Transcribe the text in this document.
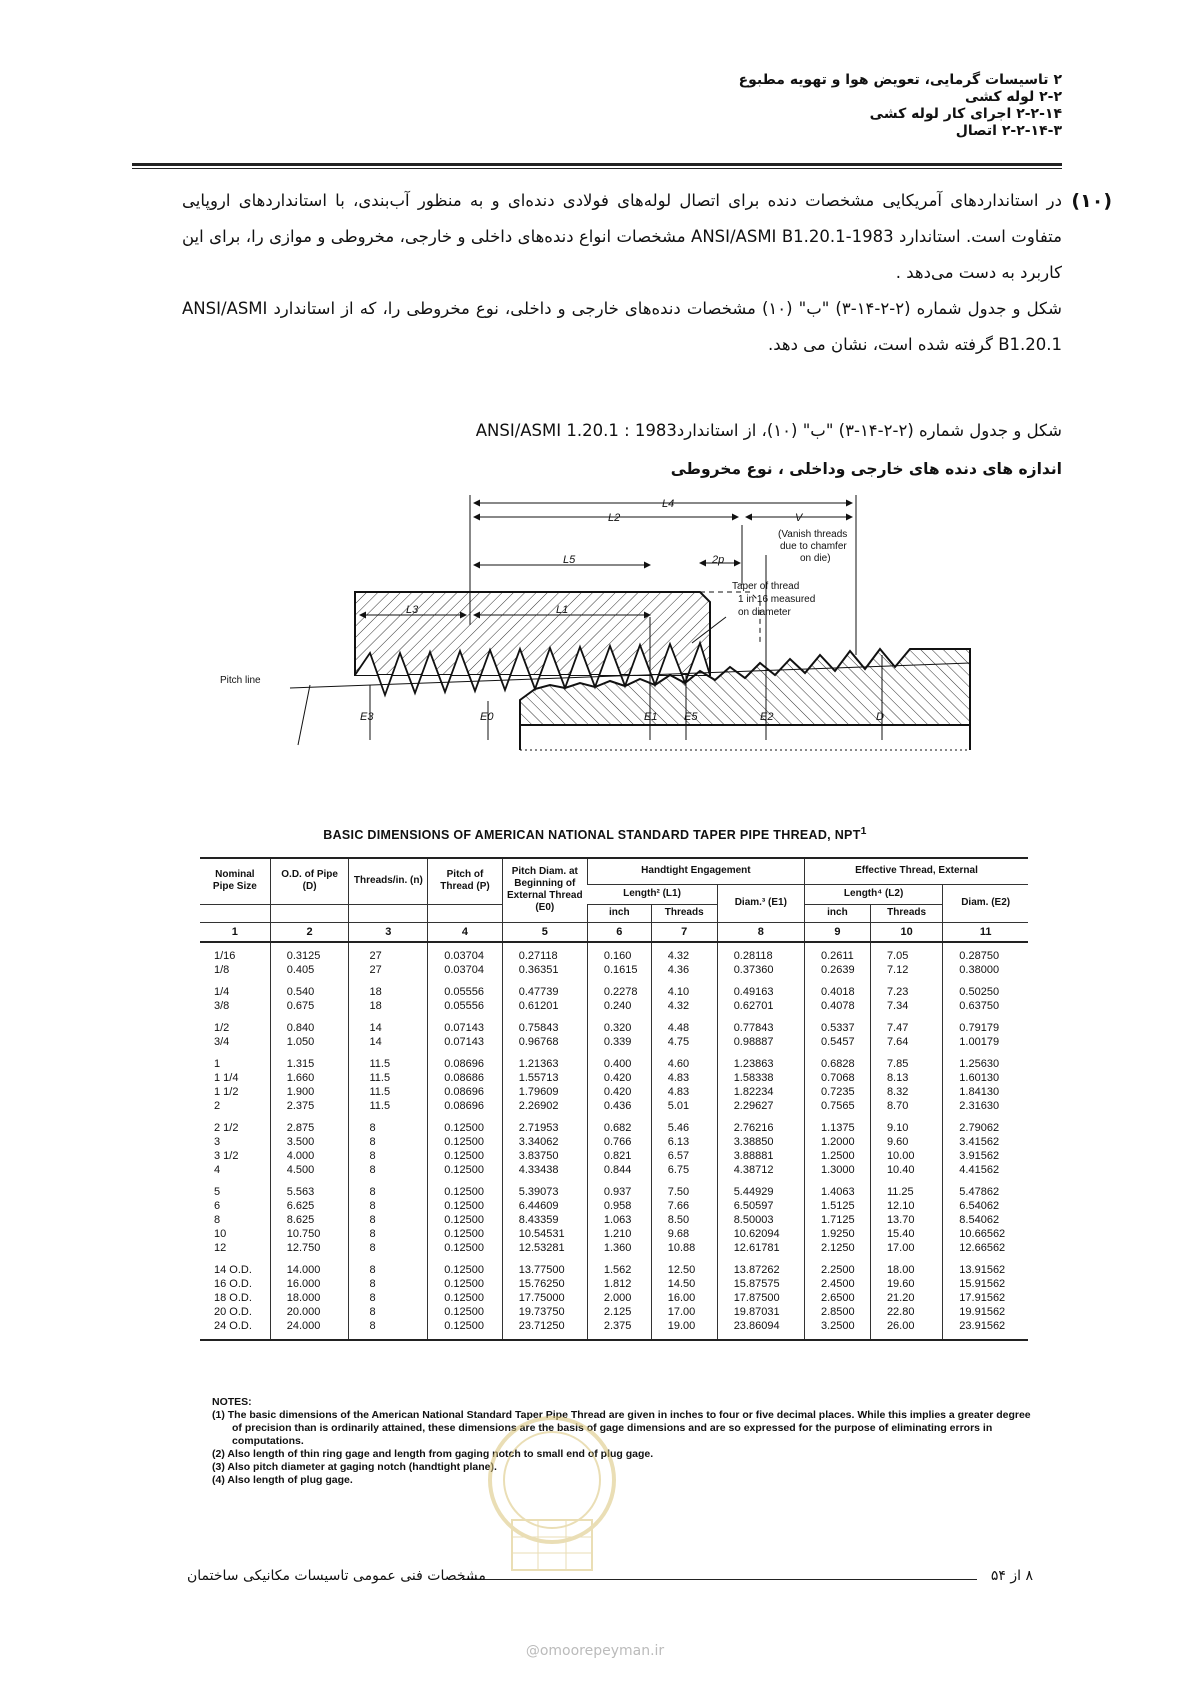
۲ تاسیسات گرمایی، تعویض هوا و تهویه مطبوع
۲-۲ لوله کشی
۲-۲-۱۴ اجرای کار لوله کشی
۲-۲-۱۴-۳ اتصال
(۱۰)
در استانداردهای آمریکایی مشخصات دنده برای اتصال لوله‌های فولادی دنده‌ای و به منظور آب‌بندی، با استانداردهای اروپایی متفاوت است. استاندارد ANSI/ASMI B1.20.1-1983 مشخصات انواع دنده‌های داخلی و خارجی، مخروطی و موازی را، برای این کاربرد به دست می‌دهد .
شکل و جدول شماره (۲-۲-۱۴-۳) "ب" (۱۰) مشخصات دنده‌های خارجی و داخلی، نوع مخروطی را، که از استاندارد ANSI/ASMI B1.20.1 گرفته شده است، نشان می دهد.
شکل و جدول شماره (۲-۲-۱۴-۳) "ب" (۱۰)، از استاندارد1983 : ANSI/ASMI 1.20.1
اندازه های دنده های خارجی وداخلی ، نوع مخروطی
L4
L2	V
(Vanish threads
due to chamfer
on die)
L5	2p
Taper of thread
1 in 16 measured
on diameter
L3	L1
Pitch line
E3	E0	E1 E5	E2	D
BASIC DIMENSIONS OF AMERICAN NATIONAL STANDARD TAPER PIPE THREAD, NPT$^1$
Nominal Pipe Size	O.D. of Pipe (D)	Threads/in. (n)	Pitch of Thread (P)	Pitch Diam. at Beginning of External Thread (E0)	Handtight Engagement			Effective Thread, External		
					Length² (L1)		Diam.³ (E1)	Length⁴ (L2)		Diam. (E2)
					inch	Threads		inch	Threads	
1	2	3	4	5	6	7	8	9	10	11
1/16	0.3125	27	0.03704	0.27118	0.160	4.32	0.28118	0.2611	7.05	0.28750
1/8	0.405	27	0.03704	0.36351	0.1615	4.36	0.37360	0.2639	7.12	0.38000
1/4	0.540	18	0.05556	0.47739	0.2278	4.10	0.49163	0.4018	7.23	0.50250
3/8	0.675	18	0.05556	0.61201	0.240	4.32	0.62701	0.4078	7.34	0.63750
1/2	0.840	14	0.07143	0.75843	0.320	4.48	0.77843	0.5337	7.47	0.79179
3/4	1.050	14	0.07143	0.96768	0.339	4.75	0.98887	0.5457	7.64	1.00179
1	1.315	11.5	0.08696	1.21363	0.400	4.60	1.23863	0.6828	7.85	1.25630
1 1/4	1.660	11.5	0.08686	1.55713	0.420	4.83	1.58338	0.7068	8.13	1.60130
1 1/2	1.900	11.5	0.08696	1.79609	0.420	4.83	1.82234	0.7235	8.32	1.84130
2	2.375	11.5	0.08696	2.26902	0.436	5.01	2.29627	0.7565	8.70	2.31630
2 1/2	2.875	8	0.12500	2.71953	0.682	5.46	2.76216	1.1375	9.10	2.79062
3	3.500	8	0.12500	3.34062	0.766	6.13	3.38850	1.2000	9.60	3.41562
3 1/2	4.000	8	0.12500	3.83750	0.821	6.57	3.88881	1.2500	10.00	3.91562
4	4.500	8	0.12500	4.33438	0.844	6.75	4.38712	1.3000	10.40	4.41562
5	5.563	8	0.12500	5.39073	0.937	7.50	5.44929	1.4063	11.25	5.47862
6	6.625	8	0.12500	6.44609	0.958	7.66	6.50597	1.5125	12.10	6.54062
8	8.625	8	0.12500	8.43359	1.063	8.50	8.50003	1.7125	13.70	8.54062
10	10.750	8	0.12500	10.54531	1.210	9.68	10.62094	1.9250	15.40	10.66562
12	12.750	8	0.12500	12.53281	1.360	10.88	12.61781	2.1250	17.00	12.66562
14 O.D.	14.000	8	0.12500	13.77500	1.562	12.50	13.87262	2.2500	18.00	13.91562
16 O.D.	16.000	8	0.12500	15.76250	1.812	14.50	15.87575	2.4500	19.60	15.91562
18 O.D.	18.000	8	0.12500	17.75000	2.000	16.00	17.87500	2.6500	21.20	17.91562
20 O.D.	20.000	8	0.12500	19.73750	2.125	17.00	19.87031	2.8500	22.80	19.91562
24 O.D.	24.000	8	0.12500	23.71250	2.375	19.00	23.86094	3.2500	26.00	23.91562

NOTES:
(1) The basic dimensions of the American National Standard Taper Pipe Thread are given in inches to four or five decimal places. While this implies a greater degree of precision than is ordinarily attained, these dimensions are the basis of gage dimensions and are so expressed for the purpose of eliminating errors in computations.
(2) Also length of thin ring gage and length from gaging notch to small end of plug gage.
(3) Also pitch diameter at gaging notch (handtight plane).
(4) Also length of plug gage.
۸ از ۵۴
مشخصات فنی عمومی تاسیسات مکانیکی ساختمان
@omoorepeyman.ir
